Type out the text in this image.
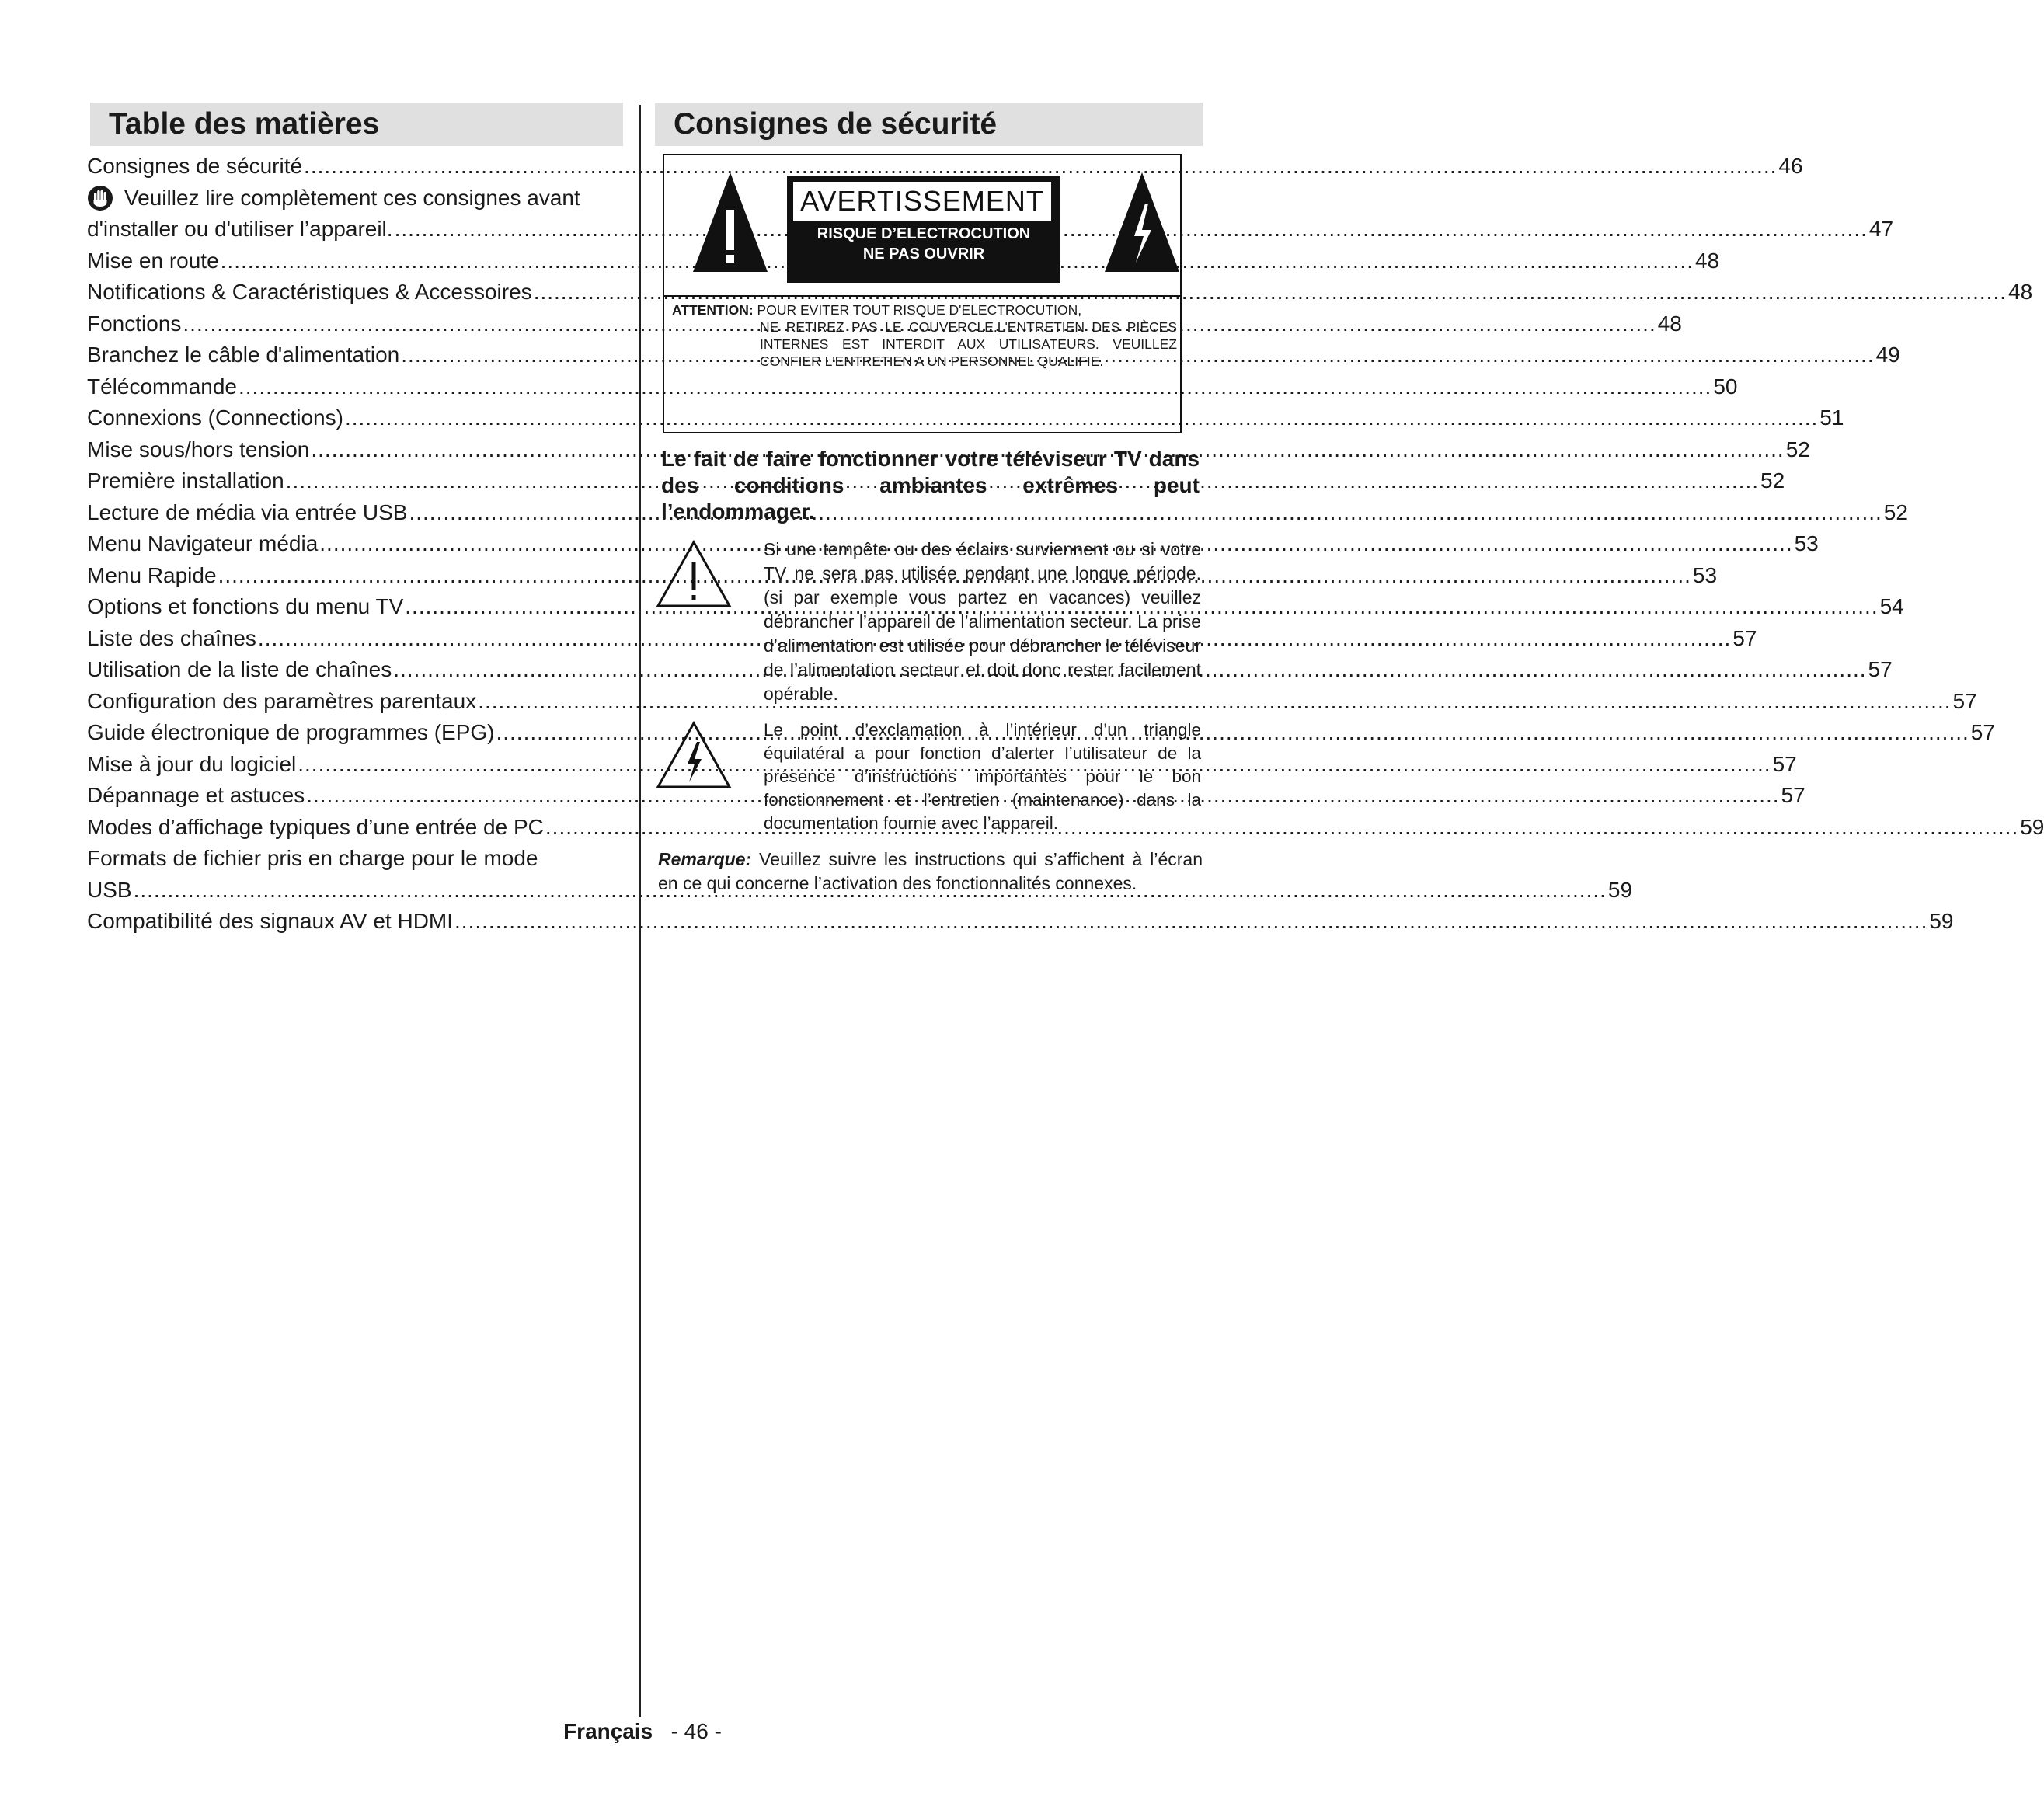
Table des matières
Consignes de sécurité .....	46
Veuillez lire complètement ces consignes avant
d'installer ou d'utiliser l’appareil. .....	47
Mise en route .....	48
Notifications & Caractéristiques & Accessoires .....	48
Fonctions .....	48
Branchez le câble d'alimentation .....	49
Télécommande .....	50
Connexions (Connections) .....	51
Mise sous/hors tension .....	52
Première installation .....	52
Lecture de média via entrée USB .....	52
Menu Navigateur média .....	53
Menu Rapide .....	53
Options et fonctions du menu TV .....	54
Liste des chaînes .....	57
Utilisation de la liste de chaînes .....	57
Configuration des paramètres parentaux .....	57
Guide électronique de programmes (EPG) .....	57
Mise à jour du logiciel .....	57
Dépannage et astuces .....	57
Modes d’affichage typiques d’une entrée de PC .....	59
Formats de fichier pris en charge pour le mode
USB .....	59
Compatibilité des signaux AV et HDMI .....	59
Consignes de sécurité
AVERTISSEMENT
RISQUE D’ELECTROCUTION
NE PAS OUVRIR
ATTENTION: POUR EVITER TOUT RISQUE D'ELECTROCUTION,
NE RETIREZ PAS LE COUVERCLE.L'ENTRETIEN DES PIÈCES INTERNES EST INTERDIT AUX UTILISATEURS. VEUILLEZ CONFIER L'ENTRETIEN A UN PERSONNEL QUALIFIE.
Le fait de faire fonctionner votre téléviseur TV dans des conditions ambiantes extrêmes peut l’endommager.

Si une tempête ou des éclairs surviennent ou si votre TV ne sera pas utilisée pendant une longue période. (si par exemple vous partez en vacances) veuillez débrancher l’appareil de l’alimentation secteur. La prise d’alimentation est utilisée pour débrancher le téléviseur de l’alimentation secteur et doit donc rester facilement opérable.

Le point d’exclamation à l’intérieur d’un triangle équilatéral a pour fonction d’alerter l’utilisateur de la présence d’instructions importantes pour le bon fonctionnement et l’entretien (maintenance) dans la documentation fournie avec l’appareil.

Remarque: Veuillez suivre les instructions qui s’affichent à l’écran en ce qui concerne l’activation des fonctionnalités connexes.
Français - 46 -
